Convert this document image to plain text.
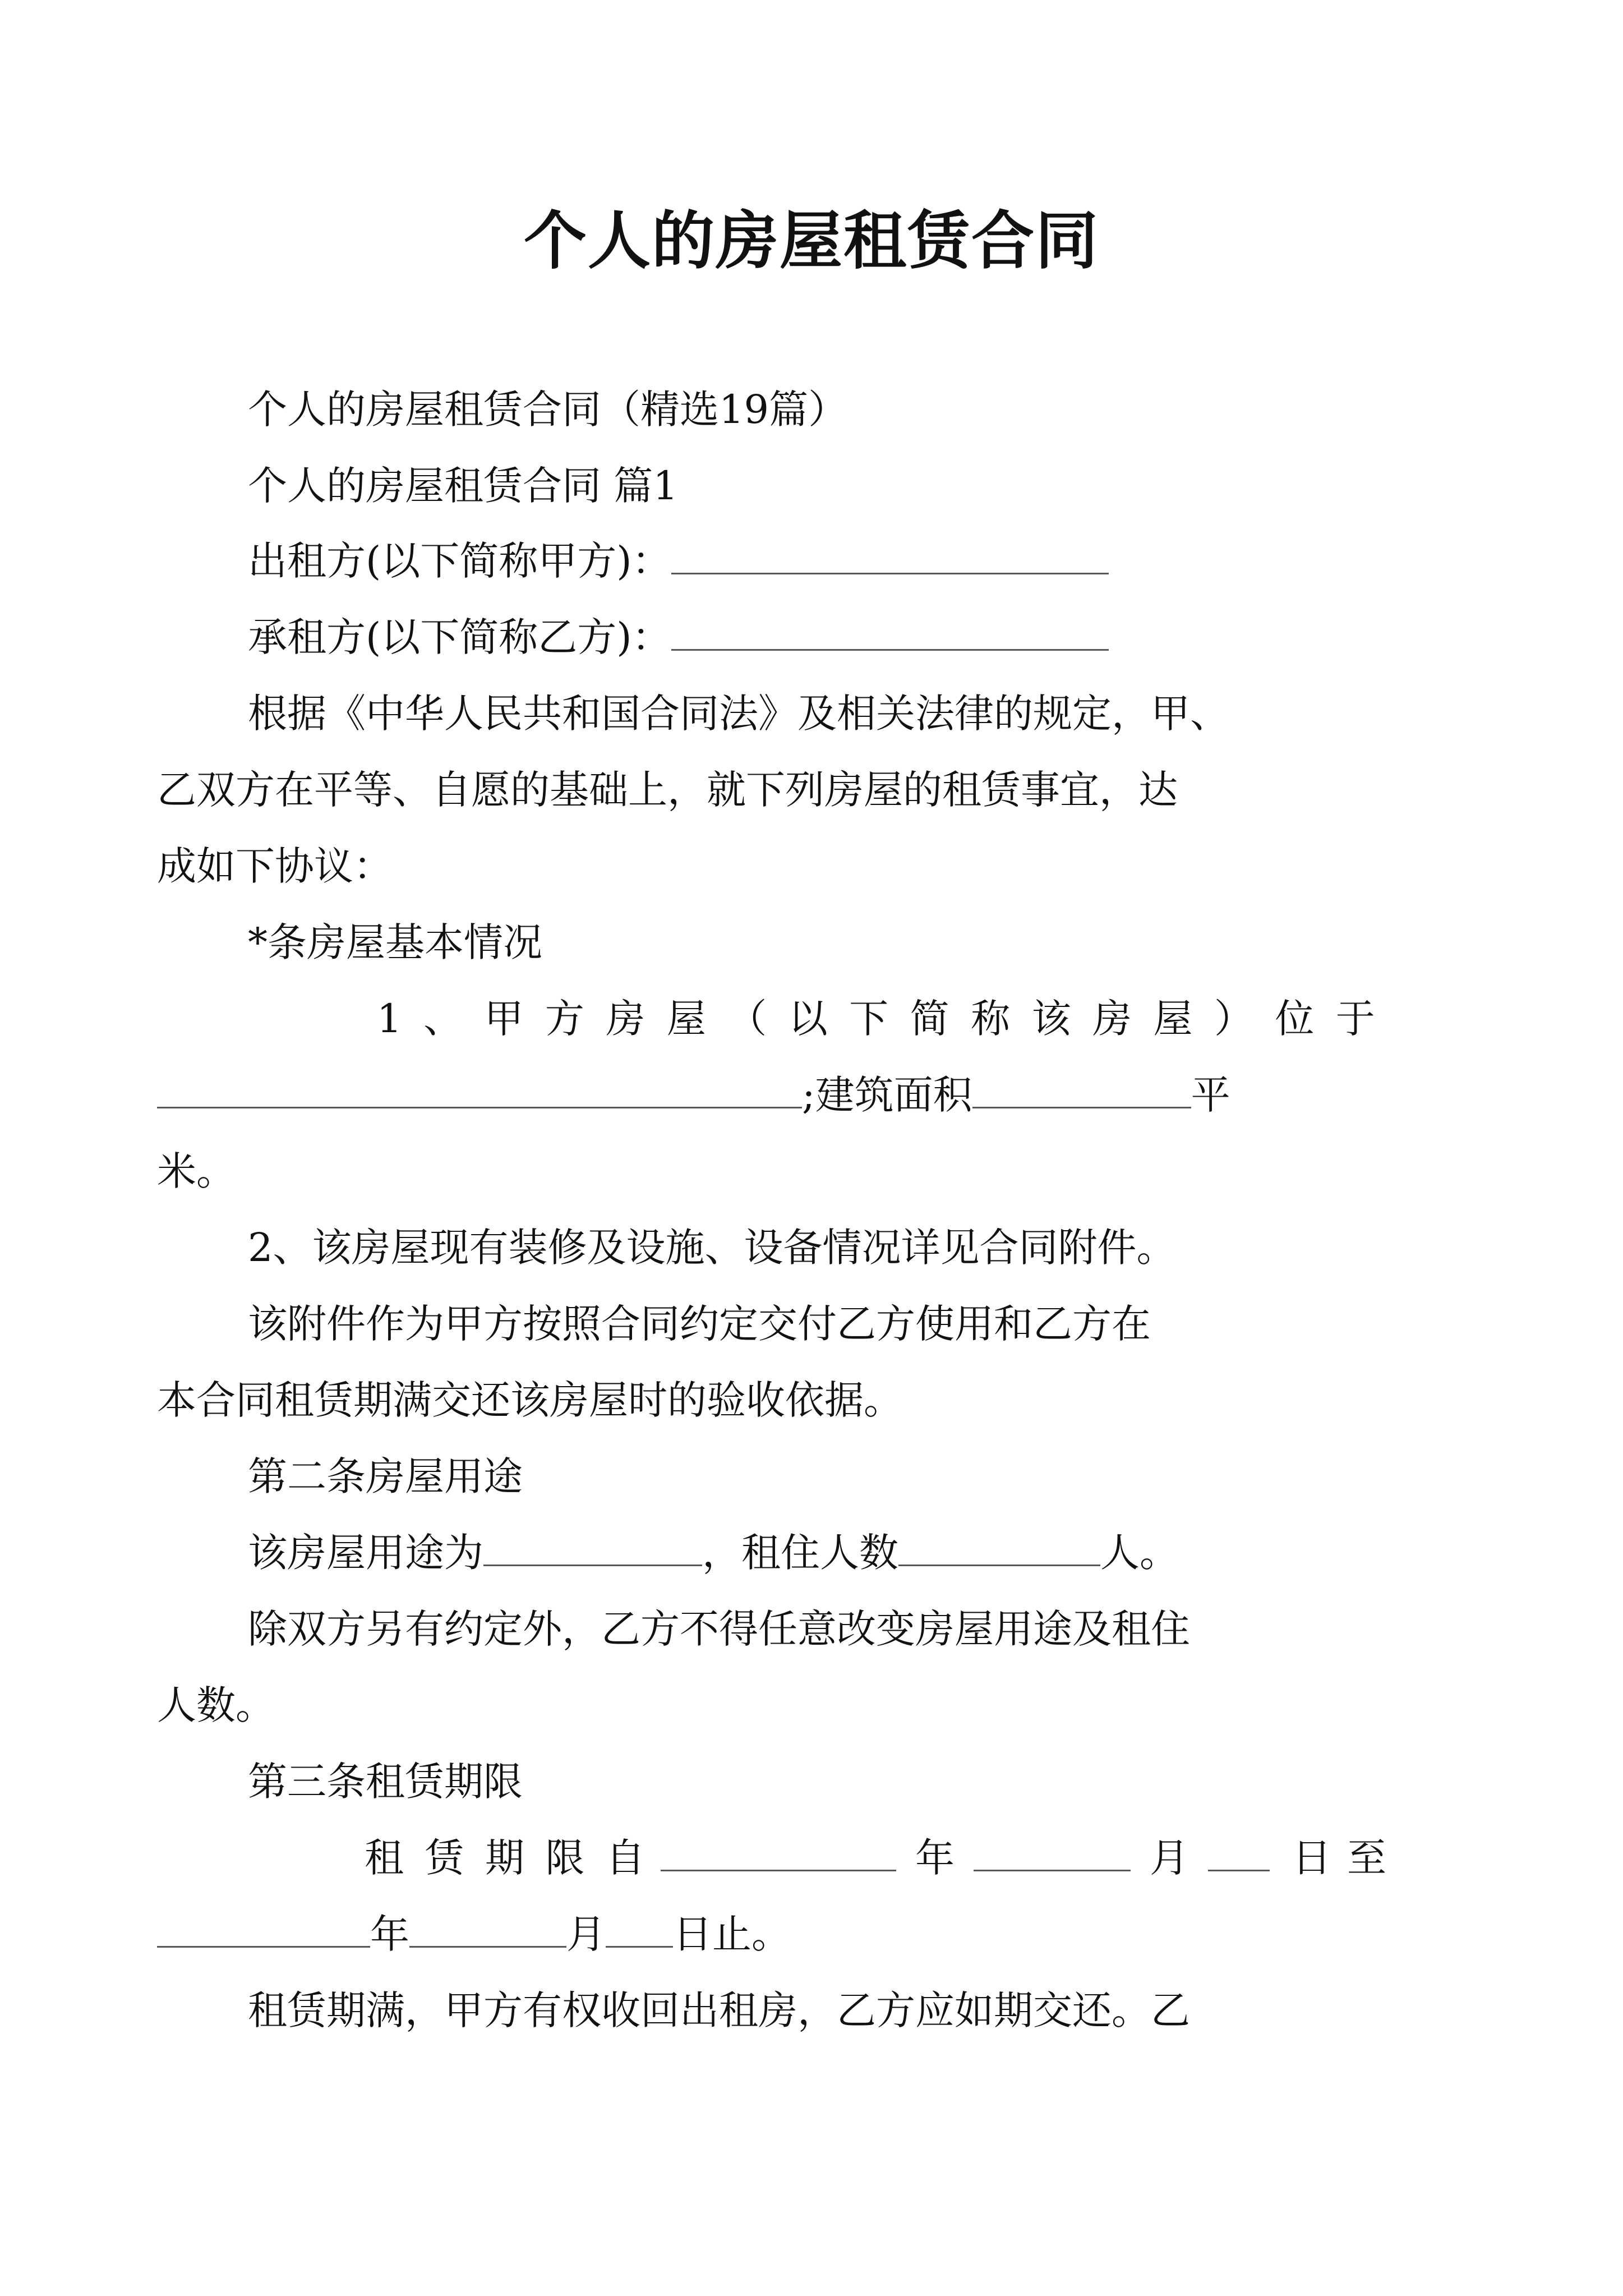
个人的房屋租赁合同
个人的房屋租赁合同（精选19篇）
个人的房屋租赁合同 篇1
出租方(以下简称甲方)：
承租方(以下简称乙方)：
根据《中华人民共和国合同法》及相关法律的规定，甲、
乙双方在平等、自愿的基础上，就下列房屋的租赁事宜，达
成如下协议：
*条房屋基本情况
1 、 甲 方 房 屋 （ 以 下 简 称 该 房 屋 ） 位 于
;建筑面积	平
米。
2、该房屋现有装修及设施、设备情况详见合同附件。
该附件作为甲方按照合同约定交付乙方使用和乙方在
本合同租赁期满交还该房屋时的验收依据。
第二条房屋用途
该房屋用途为	，租住人数	人。
除双方另有约定外，乙方不得任意改变房屋用途及租住
人数。
第三条租赁期限
租 赁 期 限 自	年	月	日至
年	月 日止。
租赁期满，甲方有权收回出租房，乙方应如期交还。乙
